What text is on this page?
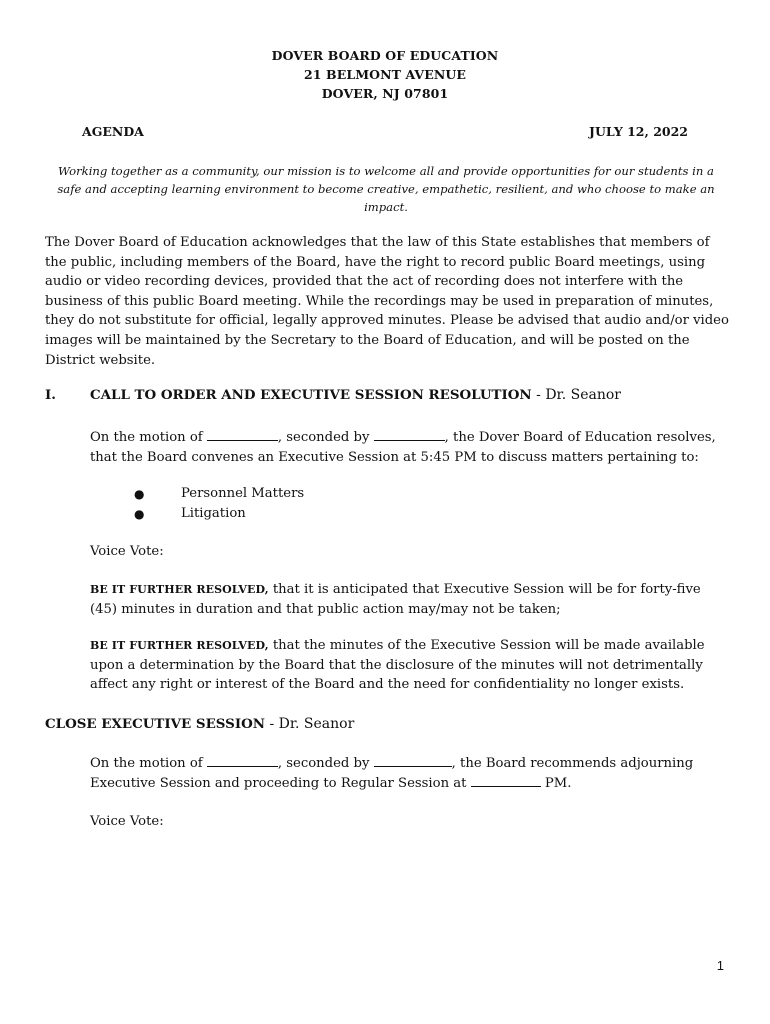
DOVER BOARD OF EDUCATION
21 BELMONT AVENUE
DOVER, NJ 07801
AGENDA	JULY 12, 2022
Working together as a community, our mission is to welcome all and provide opportunities for our students in a safe and accepting learning environment to become creative, empathetic, resilient, and who choose to make an impact.
The Dover Board of Education acknowledges that the law of this State establishes that members of the public, including members of the Board, have the right to record public Board meetings, using audio or video recording devices, provided that the act of recording does not interfere with the business of this public Board meeting. While the recordings may be used in preparation of minutes, they do not substitute for official, legally approved minutes. Please be advised that audio and/or video images will be maintained by the Secretary to the Board of Education, and will be posted on the District website.
I.	CALL TO ORDER AND EXECUTIVE SESSION RESOLUTION - Dr. Seanor
On the motion of	, seconded by	, the Dover Board of Education resolves, that the Board convenes an Executive Session at 5:45 PM to discuss matters pertaining to:
●	Personnel Matters
●	Litigation
Voice Vote:
BE IT FURTHER RESOLVED, that it is anticipated that Executive Session will be for forty-five (45) minutes in duration and that public action may/may not be taken;
BE IT FURTHER RESOLVED, that the minutes of the Executive Session will be made available upon a determination by the Board that the disclosure of the minutes will not detrimentally affect any right or interest of the Board and the need for confidentiality no longer exists.
CLOSE EXECUTIVE SESSION - Dr. Seanor
On the motion of	, seconded by	, the Board recommends adjourning Executive Session and proceeding to Regular Session at	PM.
Voice Vote:
1
